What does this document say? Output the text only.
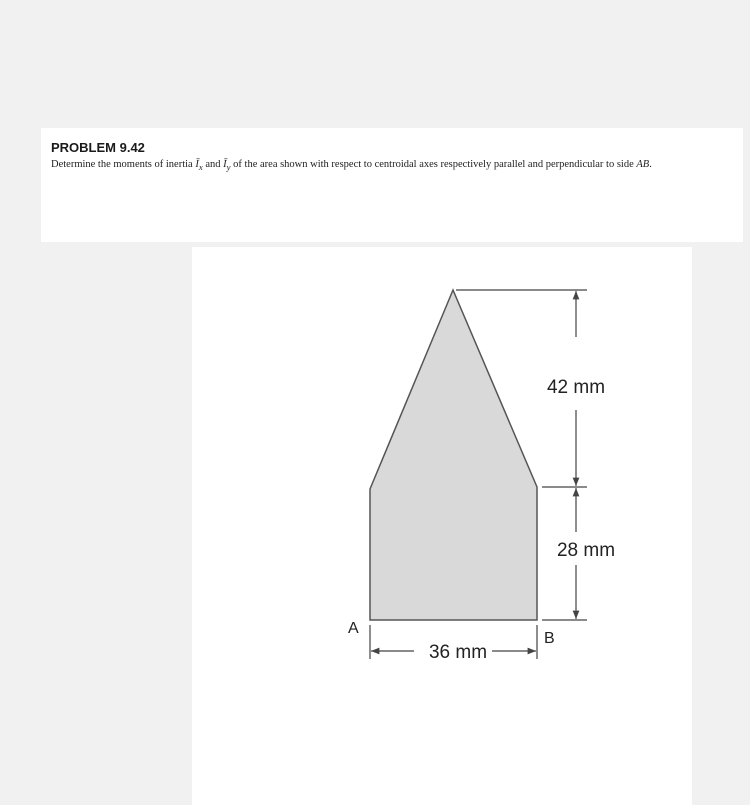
PROBLEM 9.42
Determine the moments of inertia $Ī_x$ and $Ī_y$ of the area shown with respect to centroidal axes respectively parallel and perpendicular to side AB.
42 mm
28 mm
36 mm
A
B
